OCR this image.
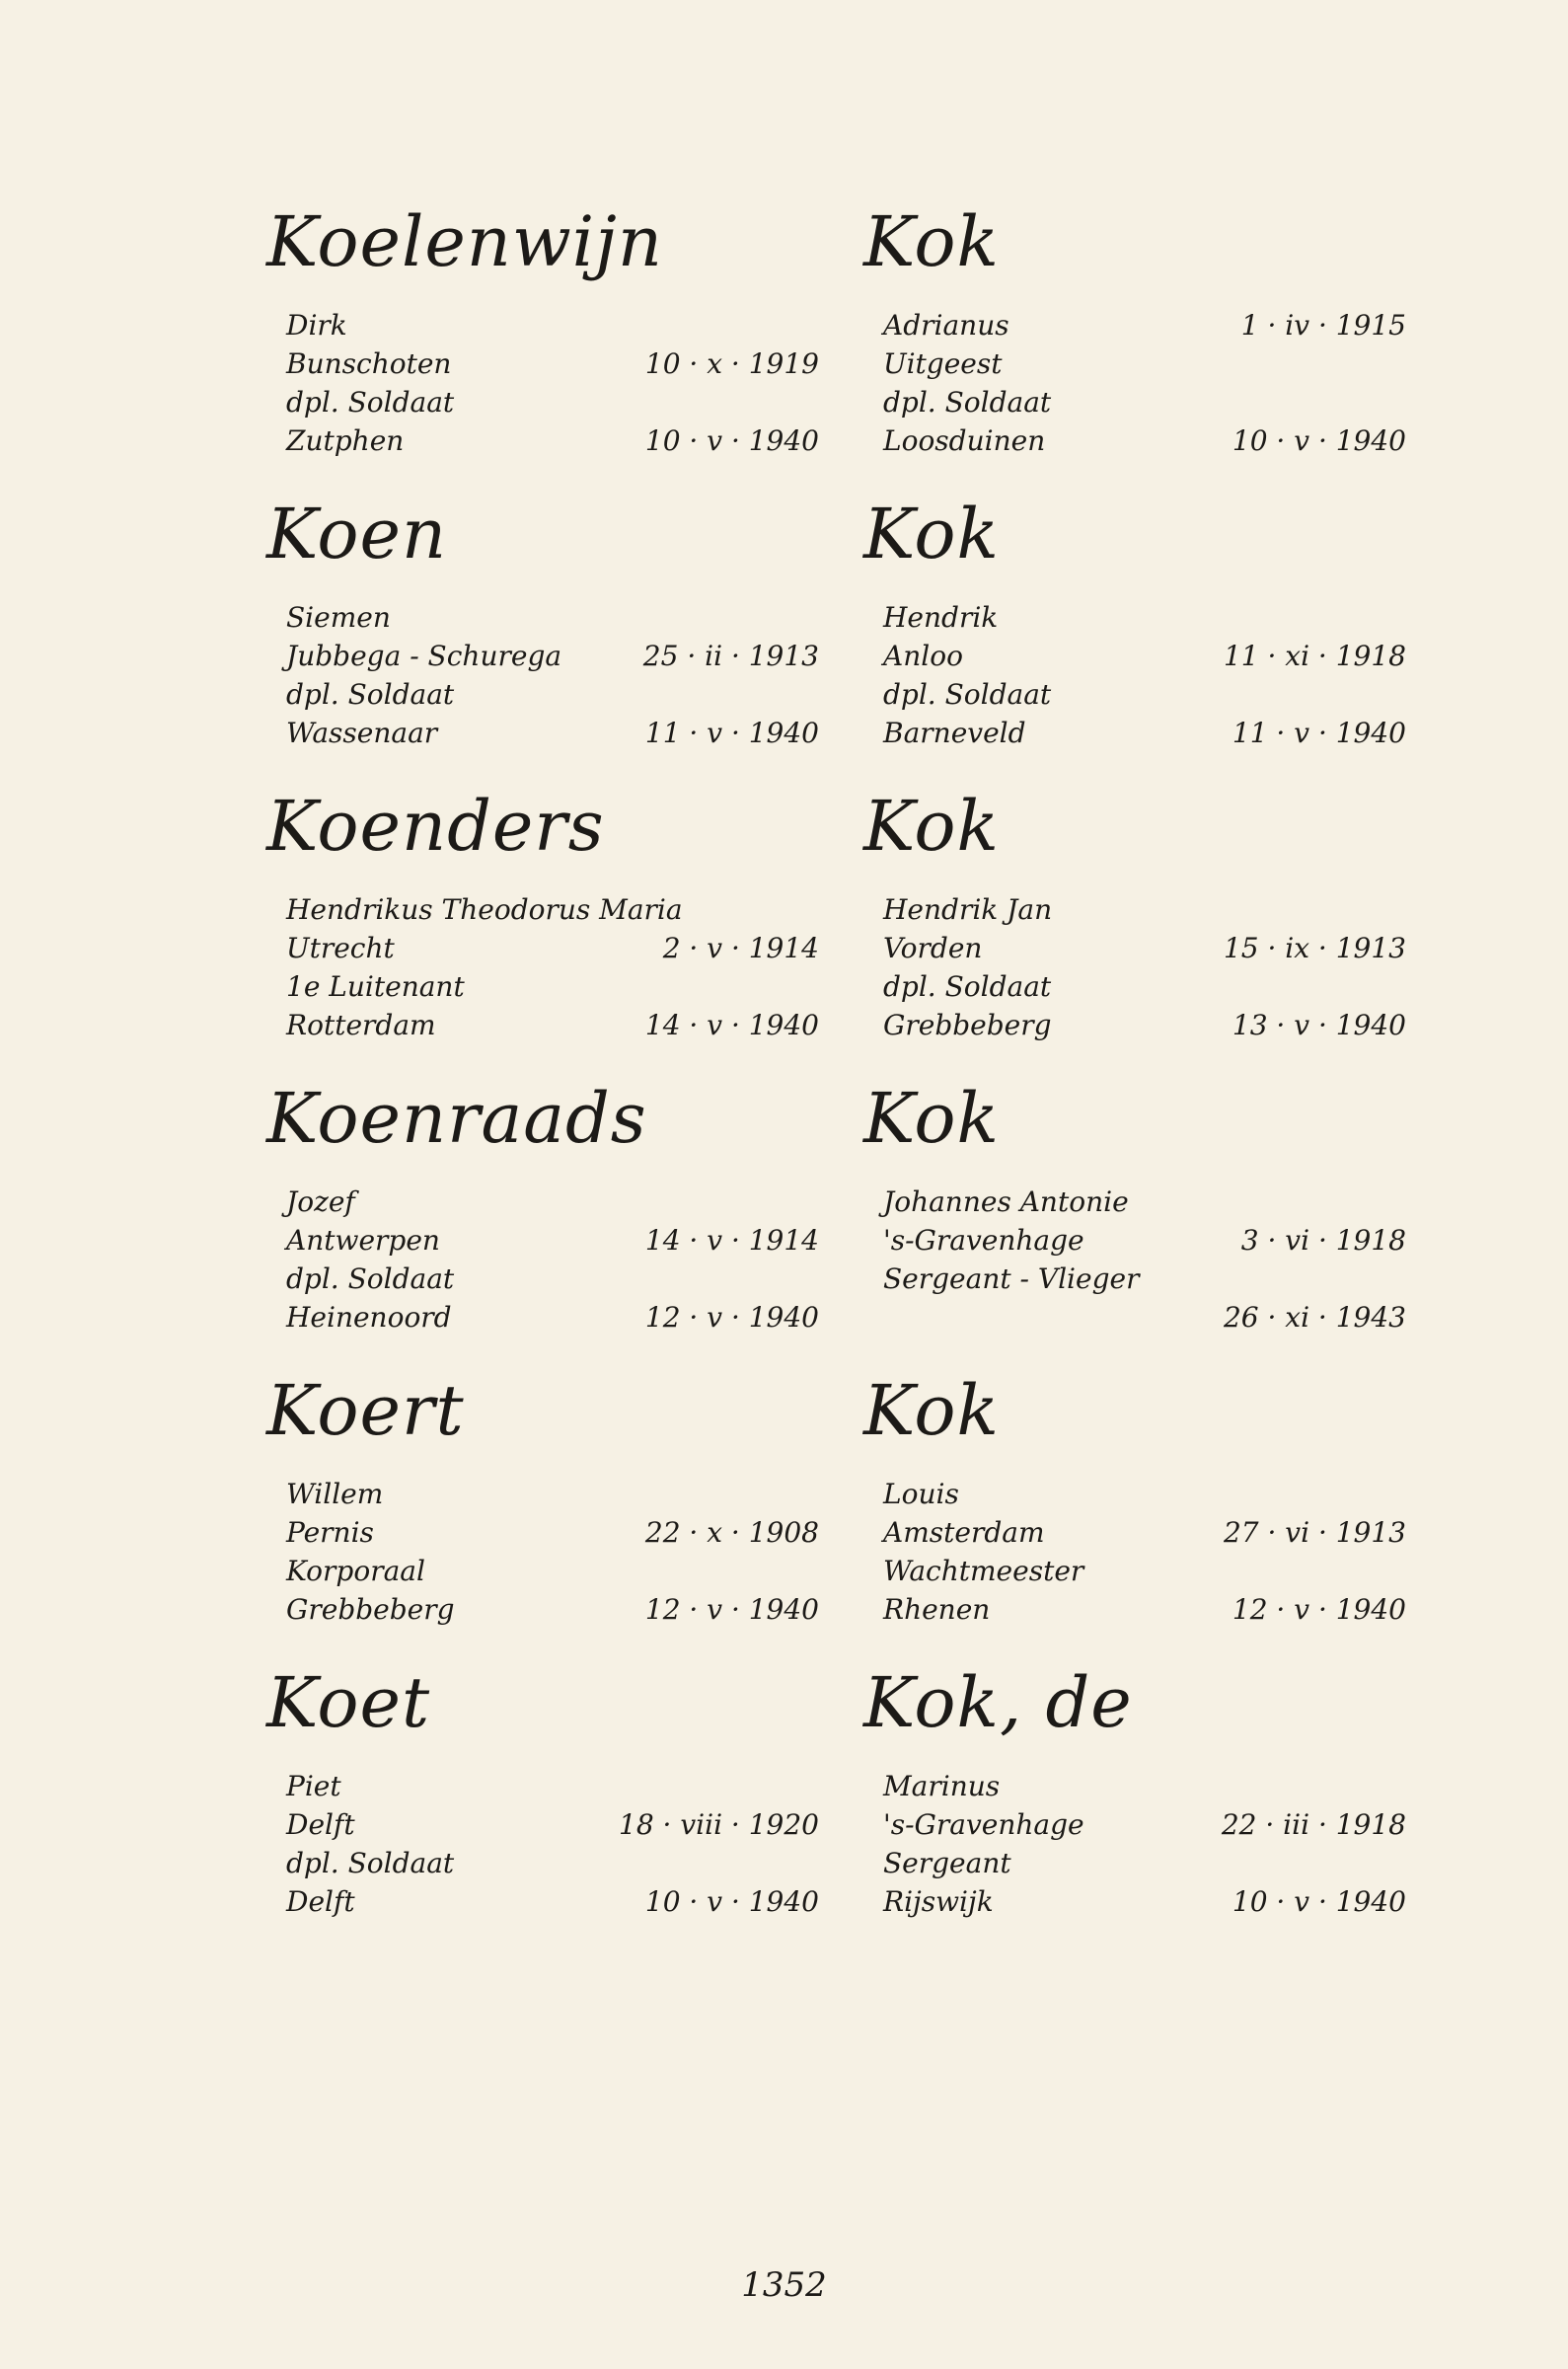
Koelenwijn
Dirk
Bunschoten	10 · x · 1919
dpl. Soldaat
Zutphen	10 · v · 1940
Koen
Siemen
Jubbega - Schurega	25 · ii · 1913
dpl. Soldaat
Wassenaar	11 · v · 1940
Koenders
Hendrikus Theodorus Maria
Utrecht	2 · v · 1914
1e Luitenant
Rotterdam	14 · v · 1940
Koenraads
Jozef
Antwerpen	14 · v · 1914
dpl. Soldaat
Heinenoord	12 · v · 1940
Koert
Willem
Pernis	22 · x · 1908
Korporaal
Grebbeberg	12 · v · 1940
Koet
Piet
Delft	18 · viii · 1920
dpl. Soldaat
Delft	10 · v · 1940
Kok
Adrianus	1 · iv · 1915
Uitgeest
dpl. Soldaat
Loosduinen	10 · v · 1940
Kok
Hendrik
Anloo	11 · xi · 1918
dpl. Soldaat
Barneveld	11 · v · 1940
Kok
Hendrik Jan
Vorden	15 · ix · 1913
dpl. Soldaat
Grebbeberg	13 · v · 1940
Kok
Johannes Antonie
's-Gravenhage	3 · vi · 1918
Sergeant - Vlieger
26 · xi · 1943
Kok
Louis
Amsterdam	27 · vi · 1913
Wachtmeester
Rhenen	12 · v · 1940
Kok, de
Marinus
's-Gravenhage	22 · iii · 1918
Sergeant
Rijswijk	10 · v · 1940
1352
